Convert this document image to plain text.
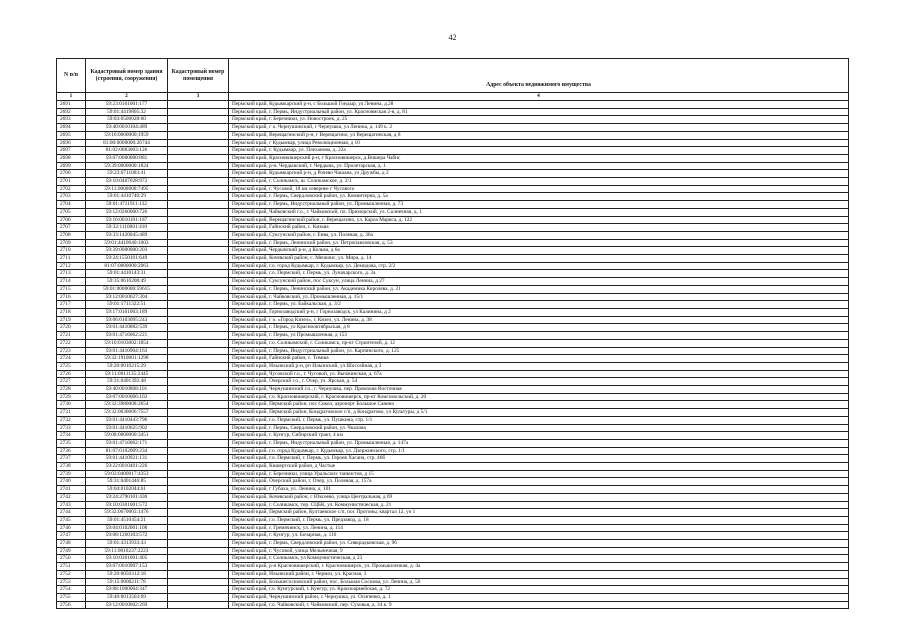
42
N п/п	Кадастровый номер здания (строения, сооружения)	Кадастровый номер помещения	Адрес объекта недвижимого имущества
1	2	3	4
2691	59:23:0101001:177		Пермский край, Кудымкарский р-н, с Большой Гондыр, ул Ленина, д.28
2692	59:01:4419805:32		Пермский край, г. Пермь, Индустриальный район, ул. Красноямская 2-я, д. 81
2693	59:03:0500028:60		Пермский край, г. Березники, ул. Новостроек, д. 25
2694	59:40:0010104:489		Пермский край, г о. Чернушинский, г Чернушка, ул Ленина, д. 149 к. 2
2695	59:16:0000000:1959		Пермский край, Верещагинский р-н, г Верещагино, ул Верещагинская, д 8
2696	81:00:0000000:26744		Пермский край, г Кудымкар, улица Революционная, д 10
2697	81:02:0083003:126		Пермский край, г. Кудымкар, ул. Плеханова, д. 22а
2698	59:07:0000000:881		Пермский край, Красновишерский р-н, г Красновишерск, д.Вишера Чабис
2699	59:39:0000000:1824		Пермский край, р-н. Чердынский, г. Чердынь, ул. Пролетарская, д. 1
2700	59:23:0711003:41		Пермский край, Кудымкарский р-н, д Рочево Чашана, ул Дружбы, д 2
2701	59:10:0407028:972		Пермский край, г. Соликамск, ш. Соликамское, д. 2/1
2702	59:11:0000000:7495		Пермский край, г. Чусовой, 18 км севернее г Чусового
2703	59:01:4410740:29		Пермский край, г. Пермь, Свердловский район, ул. Коминтерна, д. 5а
2704	59:01:4711911:132		Пермский край, г. Пермь, Индустриальный район, ул. Промышленная, д. 73
2705	59:12:0260000:726		Пермский край, Чайковский г.о., г. Чайковский, пл. Приморский, ул. Солнечная, д. 1
2706	59:16:0010101:187		Пермский край, Верещагинский район, г. Верещагино, ул. Карла Маркса, д. 122
2707	59:32:1110001:410		Пермский край, Гайнский район, с. Кизьва
2708	59:33:1420045:489		Пермский край, Суксунский район, г. Енва, ул. Полевая, д. 36а
2709	59:01:4410040:1003		Пермский край, г. Пермь, Ленинский район, ул. Петропавловская, д. 53
2710	59:39:0000000:203		Пермский край, Чердынский р-н, д Кольва, д 6а
2711	59:24:1550101:649		Пермский край, Кочевский район, с. Мечкинс, ул. Мира, д. 14
2712	81:07:0000000:2063		Пермский край, г.о. город Кудымкар, г. Кудымкар, ул. Демидова, стр. 2/2
2713	59:01:4410143:31		Пермский край, г.о. Пермский, г. Пермь, ул. Луначарского, д. 3а
2714	59:35:0610208:49		Пермский край, Суксунский район, пос Суксун, улица Ленина, д 27
2715	59:01:0000000:59615		Пермский край, г. Пермь, Ленинский район, ул. Академика Королева, д. 21
2716	59:12:0010627:304		Пермский край, г. Чайковский, ул. Промышленная, д. 15/1
2717	59:01:1711322:51		Пермский край, г. Пермь, ул. Байкальская, д. 3/2
2718	59:17:0101003:189		Пермский край, Горнозаводский р-н, г Горнозаводск, ул Калинина, д 2
2719	59:06:0103095:243		Пермский край, г о. «Город Кизел», г. Кизел, ул. Ленина, д. 38
2720	59:01:4410882:539		Пермский край, г. Пермь, ул Краснооктябрьская, д 8
2721	59:01:4716062:221		Пермский край, г. Пермь, ул Промышленная, д 153
2722	59:10:0103002:1854		Пермский край, г.о. Соликамский, г. Соликамск, пр-кт Строителей, д. 12
2723	59:01:4410904:163		Пермский край, г. Пермь, Индустриальный район, ул. Карпинского, д. 125
2724	59:32:1910001:1298		Пермский край, Гайнский район, с. Тимша
2725	59:20:0010215:29		Пермский край, Ильинский р-н, рп Ильинский, ул Шоссейная, д 3
2726	59:11:0011135:2445		Пермский край, Чусовской г.о., г. Чусовой, ул. Вычжинская, д. 67а
2727	59:31:0401392:48		Пермский край, Очерский г.о., г. Очер, ул. Ярская, д. 54
2728	59:40:0010808:101		Пермский край, Чернушинский г.о., г. Чернушка, пер. Промзона Восточная
2729	59:07:0010606:102		Пермский край, г.о. Красновишерский, г. Красновишерск, пр-кт Комсомольский, д. 20
2730	59:32:3980008:2654		Пермский край, Пермский район, пос Сокол, аэропорт Большое Савино
2731	59:32:0030006:7557		Пермский край, Пермский район, Кондратовское с/п, д Кондратово, ул Культуры, д 5/1
2732	59:01:4410443:796		Пермский край, г.о. Пермский, г. Пермь, ул. Пушкина, стр. 1/1
2733	59:01:4410625:902		Пермский край, г. Пермь, Свердловский район, ул. Чкалова
2734	59:08:0000000:3451		Пермский край, г. Кунгур, Сибирский тракт, 4 км
2735	59:01:4716062:171		Пермский край, г. Пермь, Индустриальный район, ул. Промышленная, д. 147а
2736	81:07:0102009:234		Пермский край, г.о. город Кудымкар, г. Кудымкар, ул. Дзержинского, стр. 1/1
2737	59:01:4410921:131		Пермский край, г.о. Пермский, г. Пермь, ул. Героев Хасана, стр. 46б
2738	59:22:0010401:226		Пермский край, Кишертский район, д Частые
2739	59:03:0400017:4353		Пермский край, г. Березники, улица Уральских танкистов, д 15
2740	59:31:0401446:85		Пермский край, Очерский район, г. Очер, ул. Полевая, д. 157а
2741	59:04:0102044:61		Пермский край, г Губаха, ул. Ленина, д. 101
2742	59:24:2790101:430		Пермский край, Кочевский район, с Юксеево, улица Центральная, д 69
2743	59:10:0301001:572		Пермский край, г. Соликамск, тер. СЦБК, ул. Коммунистическая, д. 21
2744	59:32:0670003:1476		Пермский край, Пермский район, Култаевское с/п, пос Протоны, квартал 12, уч 1
2745	59:01:4510454:21		Пермский край, г.о. Пермский, г. Пермь, ул. Предзавод, д. 18
2746	59:04:0102001:108		Пермский край, г. Гремячинск, ул. Ленина, д. 114
2747	59:08:1260103:572		Пермский край, г. Кунгур, ул. Бочарная, д. 116
2748	59:01:4313933:43		Пермский край, г. Пермь, Свердловский район, ул. Сивкрадковская, д. 96
2749	59:11:0010237:2223		Пермский край, г. Чусовой, улица Мельничная, 9
2750	59:10:0301001:405		Пермский край, г. Соликамск, ул Коммунистическая, д 23
2751	59:07:0010907:153		Пермский край, р-н Красновишерский, г. Красновишерск, ул. Промышленная, д. 4а
2752	59:20:0050312:18		Пермский край, Ильинский район, г. Чермоз, ул. Красная, 3
2753	59:15:0000211:78		Пермский край, Большесосновский район, пос. Большая Соснова, ул. Ленина, д. 50
2754	59:08:1000004:347		Пермский край, г.о. Кунгурский, г. Кунгур, ул. Красноармейская, д. 72
2755	59:40:0013503:69		Пермский край, Чернушинский район, г. Чернушка, ул. Осипенко, д. 1
2756	59:12:0010602:269		Пермский край, г.о. Чайковский, г. Чайковский, пер. Суховья, д. 34 к. 9
